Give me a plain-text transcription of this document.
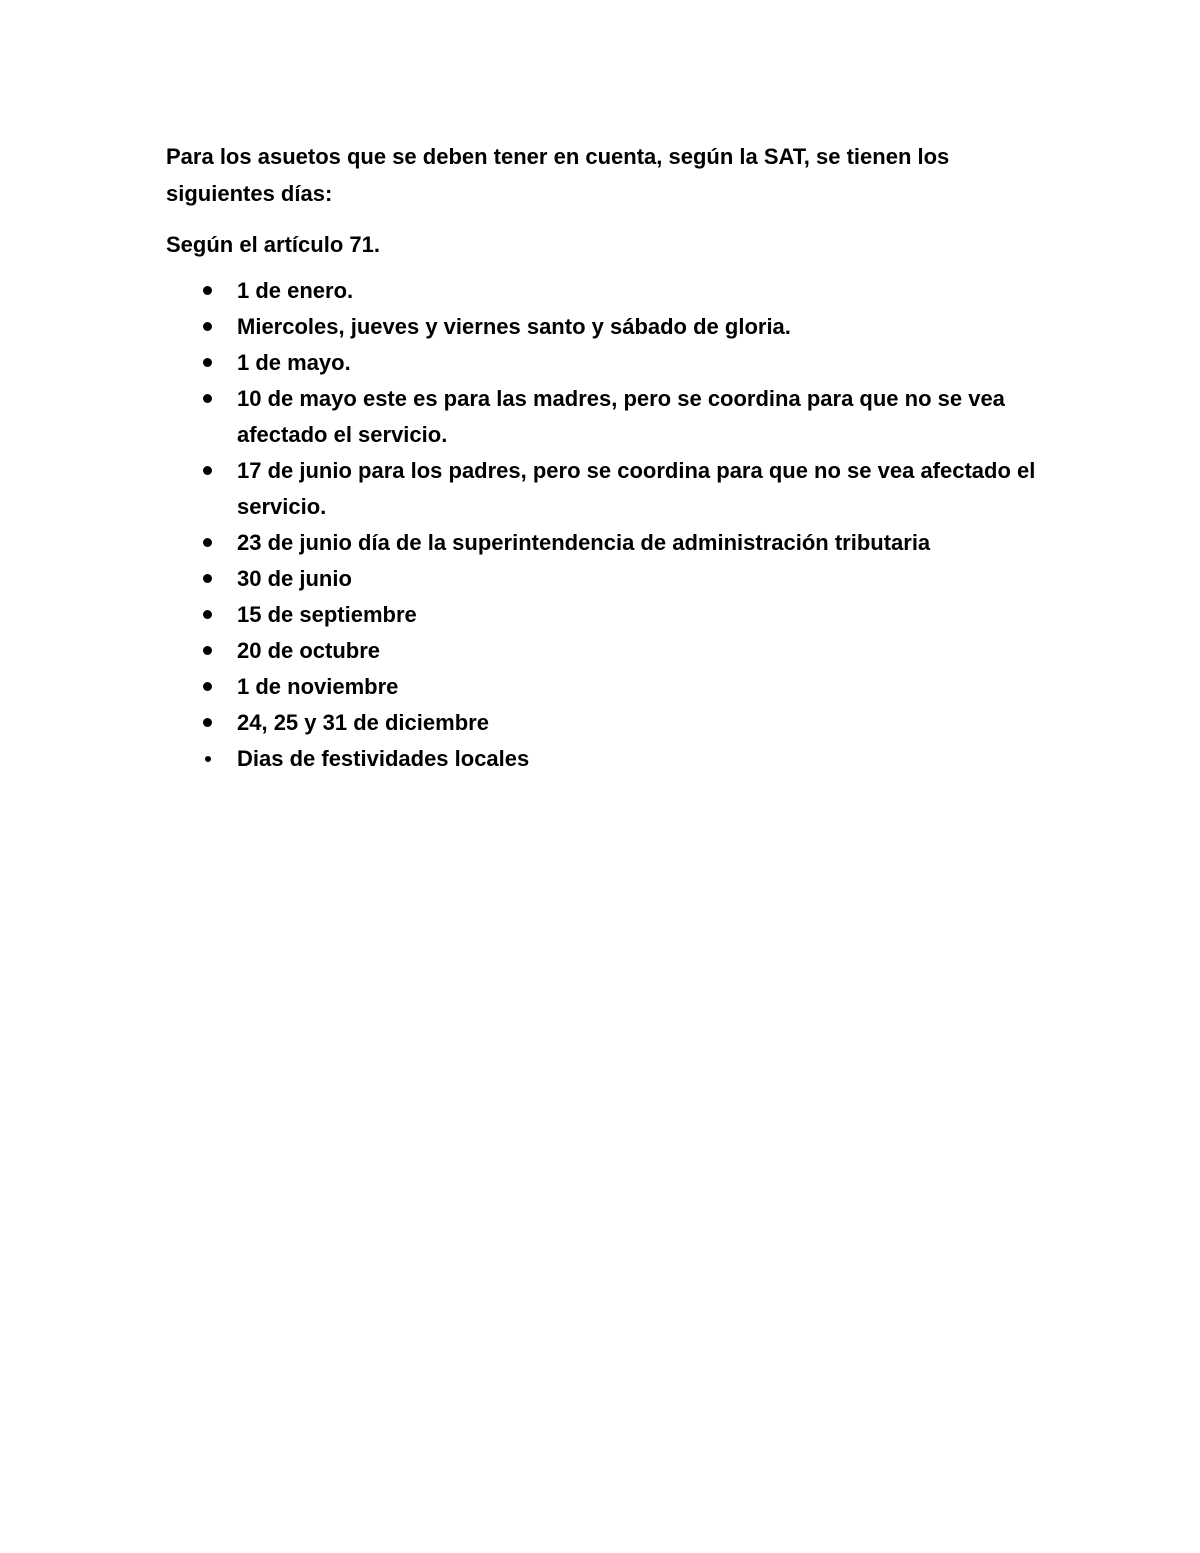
Para los asuetos que se deben tener en cuenta, según la SAT, se tienen los siguientes días:

Según el artículo 71.

1 de enero.
Miercoles, jueves y viernes santo y sábado de gloria.
1 de mayo.
10 de mayo este es para las madres, pero se coordina para que no se vea afectado el servicio.
17 de junio para los padres, pero se coordina para que no se vea afectado el servicio.
23 de junio día de la superintendencia de administración tributaria
30 de junio
15 de septiembre
20 de octubre
1 de noviembre
24, 25 y 31 de diciembre
Dias de festividades locales
